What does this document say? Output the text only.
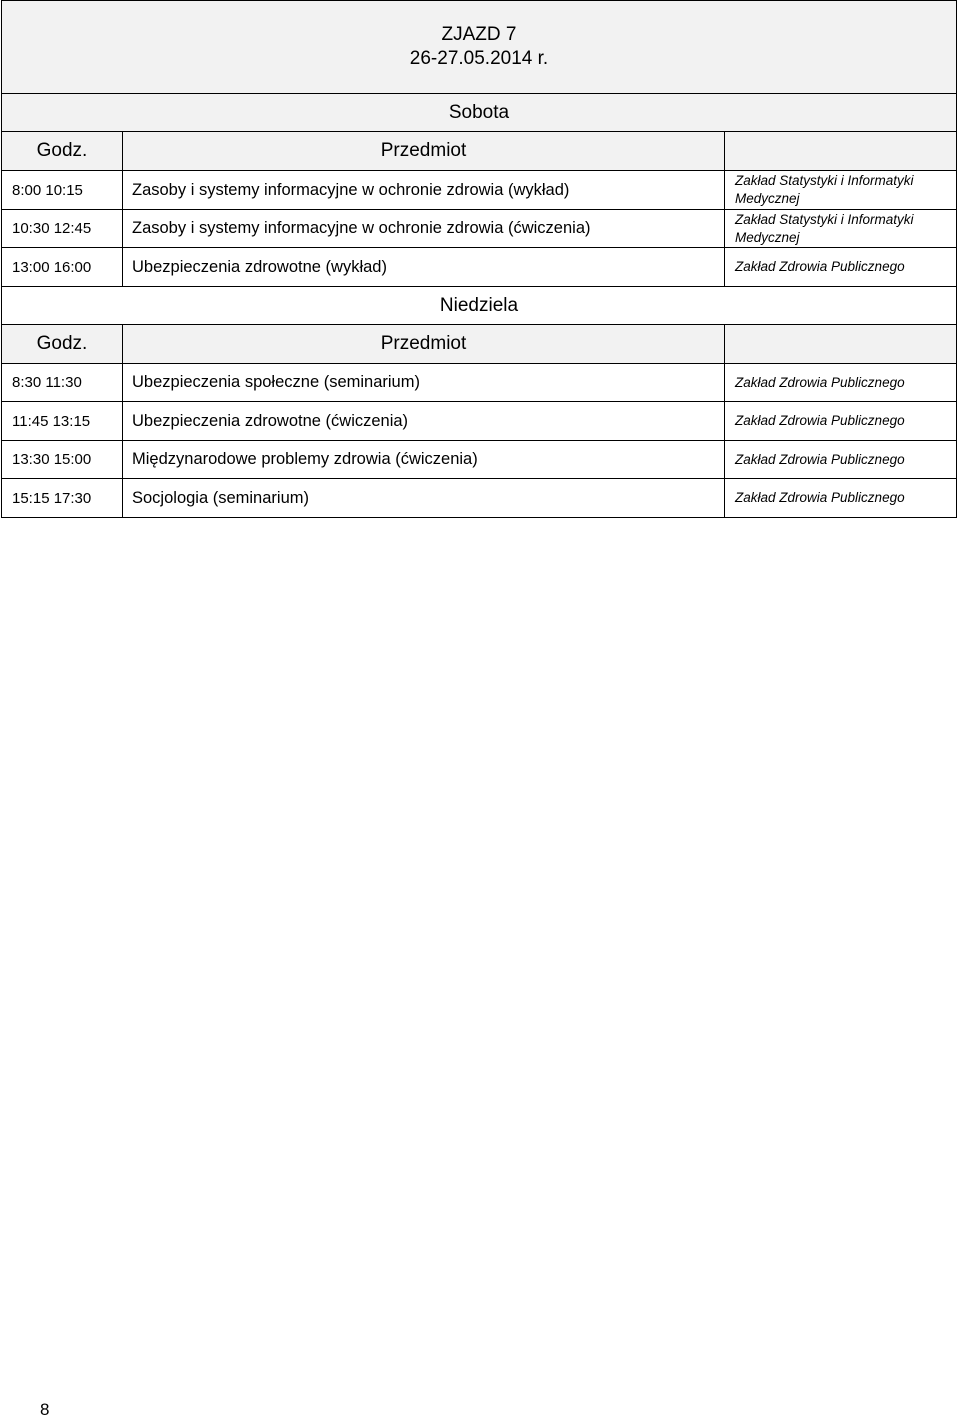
ZJAZD 7
26-27.05.2014 r.
Sobota
Godz.	Przedmiot
8:00 10:15	Zasoby i systemy informacyjne w ochronie zdrowia (wykład)	Zakład Statystyki i Informatyki Medycznej
10:30 12:45	Zasoby i systemy informacyjne w ochronie zdrowia (ćwiczenia)	Zakład Statystyki i Informatyki Medycznej
13:00 16:00	Ubezpieczenia zdrowotne (wykład)	Zakład Zdrowia Publicznego
Niedziela
Godz.	Przedmiot
8:30 11:30	Ubezpieczenia społeczne (seminarium)	Zakład Zdrowia Publicznego
11:45 13:15	Ubezpieczenia zdrowotne (ćwiczenia)	Zakład Zdrowia Publicznego
13:30 15:00	Międzynarodowe problemy zdrowia (ćwiczenia)	Zakład Zdrowia Publicznego
15:15 17:30	Socjologia (seminarium)	Zakład Zdrowia Publicznego
8
